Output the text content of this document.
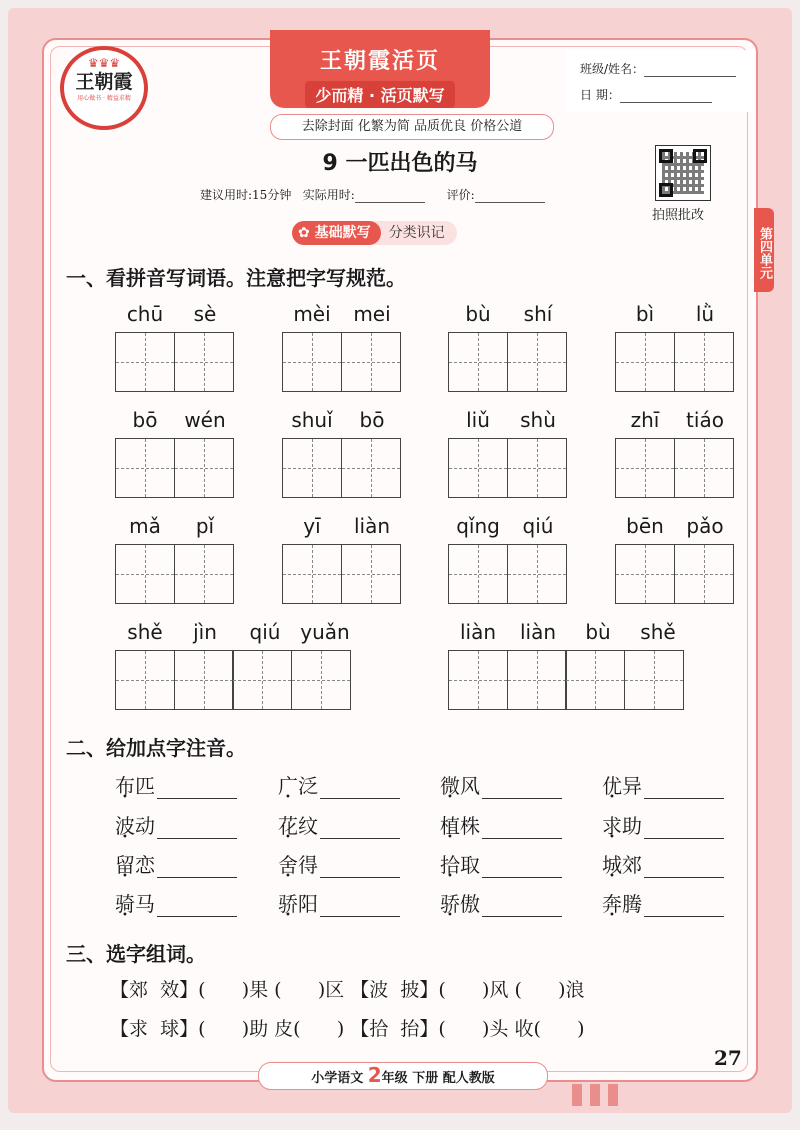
♛♛♛
王朝霞
用心做书 · 精益求精
王朝霞活页
少而精 · 活页默写
去除封面 化繁为简 品质优良 价格公道
班级/姓名：
日 期：
9 一匹出色的马
建议用时:15分钟 实际用时:	评价:
拍照批改
第四单元
✿ 基础默写 分类识记
一、看拼音写词语。注意把字写规范。
chū	sè	mèi	mei	bù	shí	bì	lǜ
bō	wén	shuǐ	bō	liǔ	shù	zhī	tiáo
mǎ	pǐ	yī	liàn	qǐng	qiú	bēn	pǎo
shě	jìn	qiú yuǎn	liàn	liàn	bù	shě
二、给加点字注音。
布匹	广泛	微风	优异
波动	花纹	植株	求助
留恋	舍得	拾取	城郊
骑马	骄阳	骄傲	奔腾
三、选字组词。
【郊  效】(      )果 (      )区 【波  披】(      )风 (      )浪
【求  球】(      )助 皮(      ) 【拾  抬】(      )头 收(      )
27
小学语文 2年级 下册 配人教版
